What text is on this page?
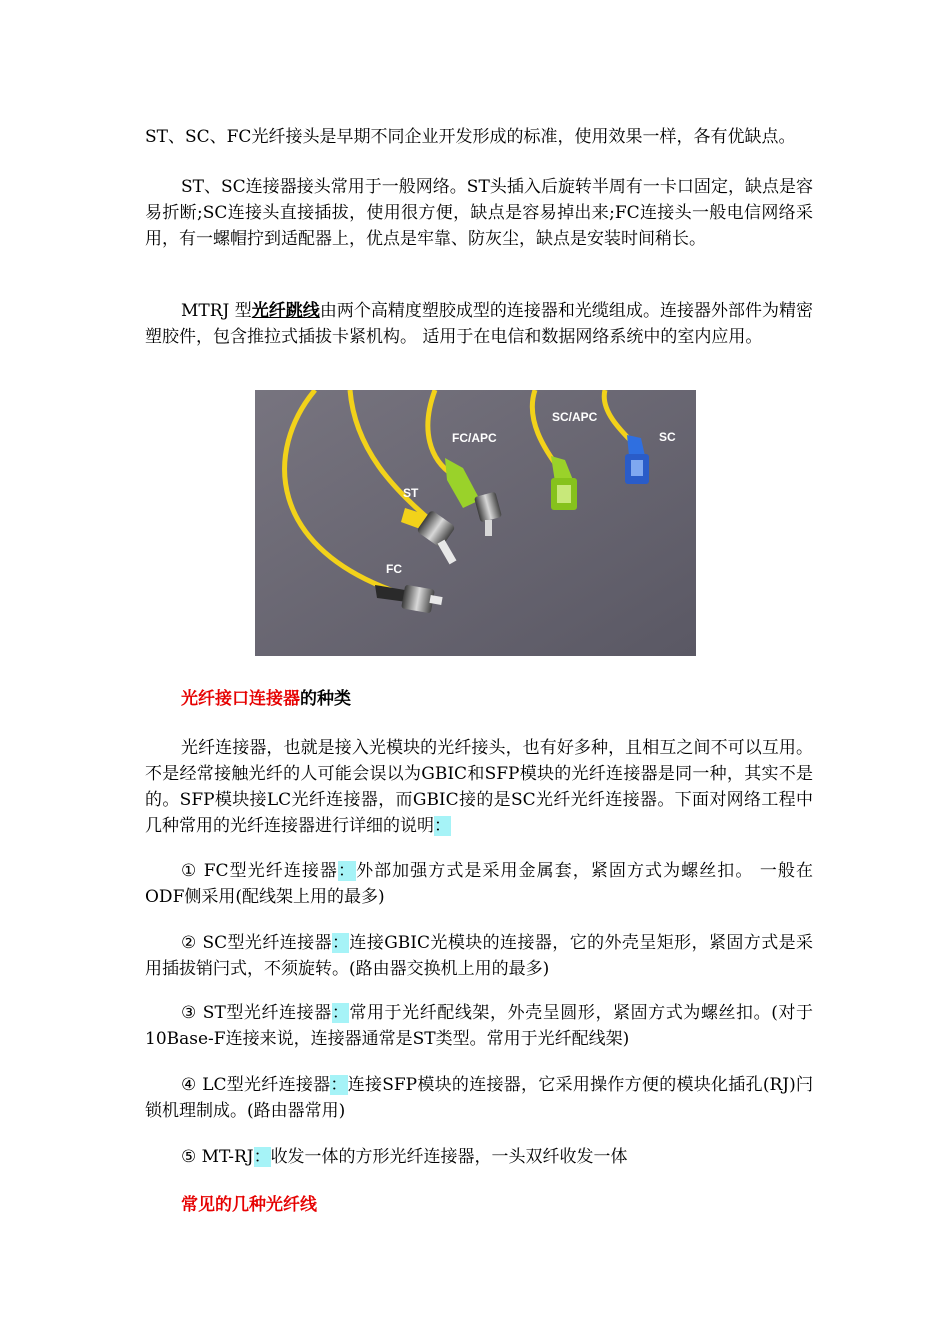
ST、SC、FC光纤接头是早期不同企业开发形成的标准，使用效果一样，各有优缺点。

ST、SC连接器接头常用于一般网络。ST头插入后旋转半周有一卡口固定，缺点是容易折断;SC连接头直接插拔，使用很方便，缺点是容易掉出来;FC连接头一般电信网络采用，有一螺帽拧到适配器上，优点是牢靠、防灰尘，缺点是安装时间稍长。

MTRJ 型光纤跳线由两个高精度塑胶成型的连接器和光缆组成。连接器外部件为精密塑胶件，包含推拉式插拔卡紧机构。 适用于在电信和数据网络系统中的室内应用。

FC
ST
FC/APC
SC/APC
SC

光纤接口连接器的种类

光纤连接器，也就是接入光模块的光纤接头，也有好多种，且相互之间不可以互用。不是经常接触光纤的人可能会误以为GBIC和SFP模块的光纤连接器是同一种，其实不是的。SFP模块接LC光纤连接器，而GBIC接的是SC光纤光纤连接器。下面对网络工程中几种常用的光纤连接器进行详细的说明：

① FC型光纤连接器：外部加强方式是采用金属套，紧固方式为螺丝扣。 一般在ODF侧采用(配线架上用的最多)

② SC型光纤连接器：连接GBIC光模块的连接器，它的外壳呈矩形，紧固方式是采用插拔销闩式，不须旋转。(路由器交换机上用的最多)

③ ST型光纤连接器：常用于光纤配线架，外壳呈圆形，紧固方式为螺丝扣。(对于10Base-F连接来说，连接器通常是ST类型。常用于光纤配线架)

④ LC型光纤连接器：连接SFP模块的连接器，它采用操作方便的模块化插孔(RJ)闩锁机理制成。(路由器常用)

⑤ MT-RJ：收发一体的方形光纤连接器，一头双纤收发一体

常见的几种光纤线
